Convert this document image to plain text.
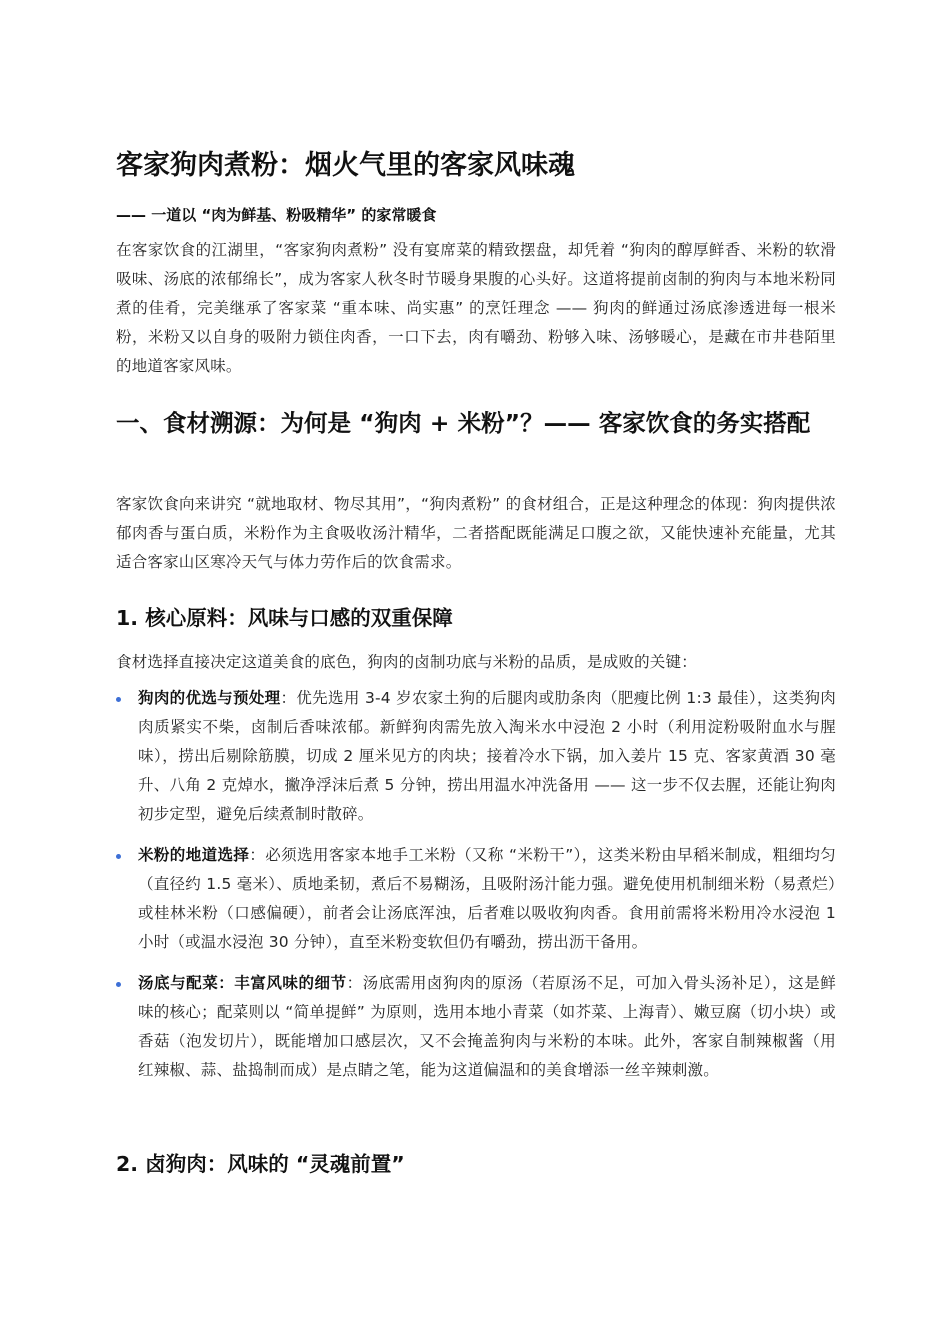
客家狗肉煮粉：烟火气里的客家风味魂
—— 一道以 “肉为鲜基、粉吸精华” 的家常暖食

在客家饮食的江湖里，“客家狗肉煮粉” 没有宴席菜的精致摆盘，却凭着 “狗肉的醇厚鲜香、米粉的软滑吸味、汤底的浓郁绵长”，成为客家人秋冬时节暖身果腹的心头好。这道将提前卤制的狗肉与本地米粉同煮的佳肴，完美继承了客家菜 “重本味、尚实惠” 的烹饪理念 —— 狗肉的鲜通过汤底渗透进每一根米粉，米粉又以自身的吸附力锁住肉香，一口下去，肉有嚼劲、粉够入味、汤够暖心，是藏在市井巷陌里的地道客家风味。

一、食材溯源：为何是 “狗肉 + 米粉”？—— 客家饮食的务实搭配

客家饮食向来讲究 “就地取材、物尽其用”，“狗肉煮粉” 的食材组合，正是这种理念的体现：狗肉提供浓郁肉香与蛋白质，米粉作为主食吸收汤汁精华，二者搭配既能满足口腹之欲，又能快速补充能量，尤其适合客家山区寒冷天气与体力劳作后的饮食需求。

1. 核心原料：风味与口感的双重保障

食材选择直接决定这道美食的底色，狗肉的卤制功底与米粉的品质，是成败的关键：

狗肉的优选与预处理：优先选用 3-4 岁农家土狗的后腿肉或肋条肉（肥瘦比例 1:3 最佳），这类狗肉肉质紧实不柴，卤制后香味浓郁。新鲜狗肉需先放入淘米水中浸泡 2 小时（利用淀粉吸附血水与腥味），捞出后剔除筋膜，切成 2 厘米见方的肉块；接着冷水下锅，加入姜片 15 克、客家黄酒 30 毫升、八角 2 克焯水，撇净浮沫后煮 5 分钟，捞出用温水冲洗备用 —— 这一步不仅去腥，还能让狗肉初步定型，避免后续煮制时散碎。
米粉的地道选择：必须选用客家本地手工米粉（又称 “米粉干”），这类米粉由早稻米制成，粗细均匀（直径约 1.5 毫米）、质地柔韧，煮后不易糊汤，且吸附汤汁能力强。避免使用机制细米粉（易煮烂）或桂林米粉（口感偏硬），前者会让汤底浑浊，后者难以吸收狗肉香。食用前需将米粉用冷水浸泡 1 小时（或温水浸泡 30 分钟），直至米粉变软但仍有嚼劲，捞出沥干备用。
汤底与配菜：丰富风味的细节：汤底需用卤狗肉的原汤（若原汤不足，可加入骨头汤补足），这是鲜味的核心；配菜则以 “简单提鲜” 为原则，选用本地小青菜（如芥菜、上海青）、嫩豆腐（切小块）或香菇（泡发切片），既能增加口感层次，又不会掩盖狗肉与米粉的本味。此外，客家自制辣椒酱（用红辣椒、蒜、盐捣制而成）是点睛之笔，能为这道偏温和的美食增添一丝辛辣刺激。
2. 卤狗肉：风味的 “灵魂前置”
